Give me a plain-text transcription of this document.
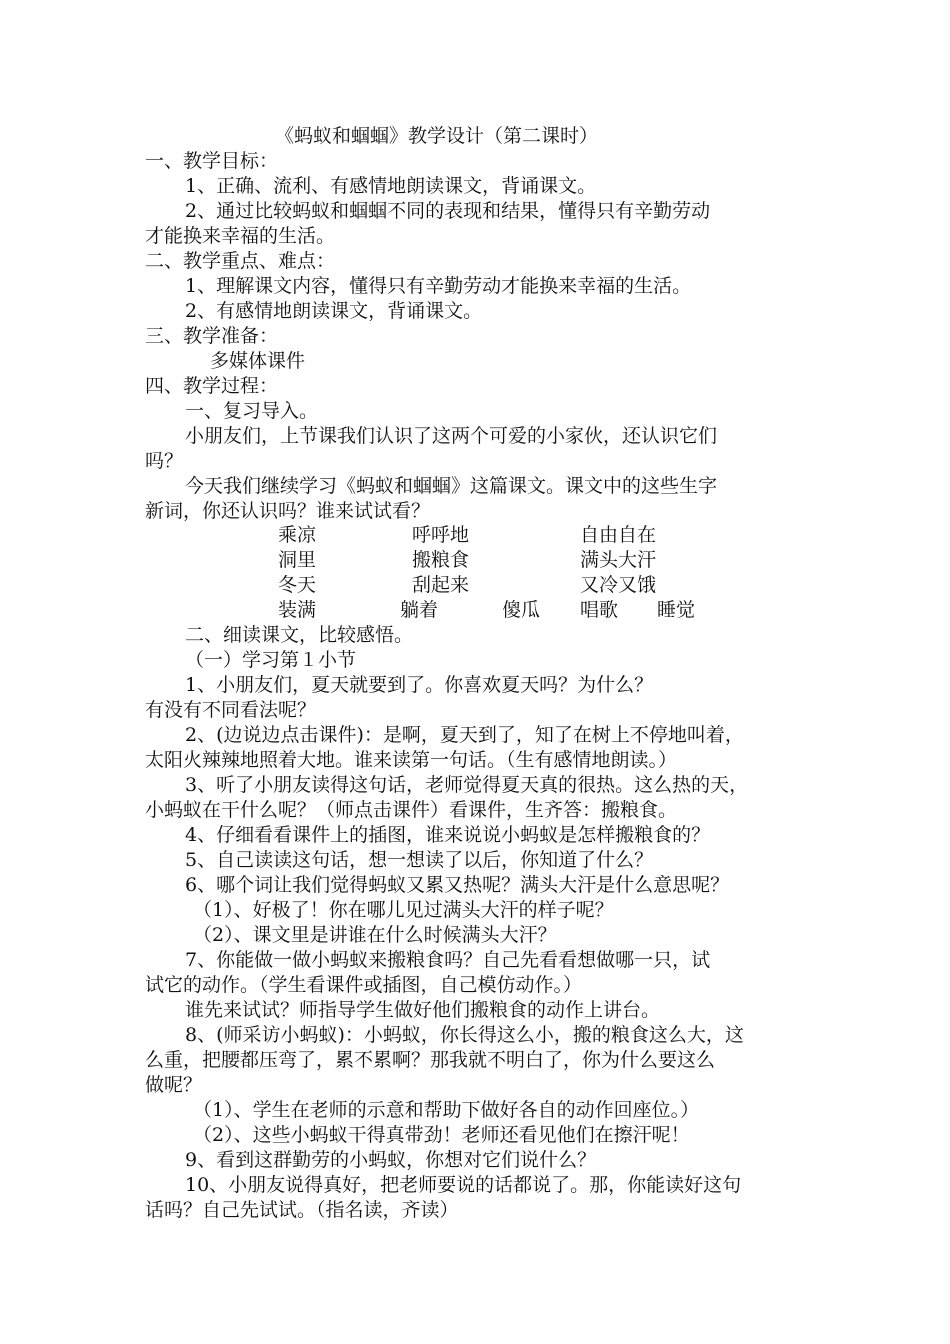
《蚂蚁和蝈蝈》教学设计（第二课时）
一、教学目标：
1、正确、流利、有感情地朗读课文，背诵课文。
2、通过比较蚂蚁和蝈蝈不同的表现和结果，懂得只有辛勤劳动
才能换来幸福的生活。
二、教学重点、难点：
1、理解课文内容，懂得只有辛勤劳动才能换来幸福的生活。
2、有感情地朗读课文，背诵课文。
三、教学准备：
多媒体课件
四、教学过程：
一、复习导入。
小朋友们，上节课我们认识了这两个可爱的小家伙，还认识它们
吗？
今天我们继续学习《蚂蚁和蝈蝈》这篇课文。课文中的这些生字
新词，你还认识吗？谁来试试看？
乘凉	呼呼地	自由自在
洞里	搬粮食	满头大汗
冬天	刮起来	又冷又饿
装满	躺着	傻瓜 唱歌 睡觉
二、细读课文，比较感悟。
（一）学习第１小节
1、小朋友们，夏天就要到了。你喜欢夏天吗？为什么？
有没有不同看法呢？
2、(边说边点击课件)：是啊，夏天到了，知了在树上不停地叫着，
太阳火辣辣地照着大地。谁来读第一句话。（生有感情地朗读。）
3、听了小朋友读得这句话，老师觉得夏天真的很热。这么热的天，
小蚂蚁在干什么呢？（师点击课件）看课件，生齐答：搬粮食。
4、仔细看看课件上的插图，谁来说说小蚂蚁是怎样搬粮食的？
5、自己读读这句话，想一想读了以后，你知道了什么？
6、哪个词让我们觉得蚂蚁又累又热呢？满头大汗是什么意思呢？
（1）、好极了！你在哪儿见过满头大汗的样子呢？
（2）、课文里是讲谁在什么时候满头大汗？
7、你能做一做小蚂蚁来搬粮食吗？自己先看看想做哪一只，试
试它的动作。（学生看课件或插图，自己模仿动作。）
谁先来试试？师指导学生做好他们搬粮食的动作上讲台。
8、(师采访小蚂蚁)：小蚂蚁，你长得这么小，搬的粮食这么大，这
么重，把腰都压弯了，累不累啊？那我就不明白了，你为什么要这么
做呢？
（1）、学生在老师的示意和帮助下做好各自的动作回座位。）
（2）、这些小蚂蚁干得真带劲！老师还看见他们在擦汗呢！
9、看到这群勤劳的小蚂蚁，你想对它们说什么？
10、小朋友说得真好，把老师要说的话都说了。那，你能读好这句
话吗？自己先试试。（指名读，齐读）
